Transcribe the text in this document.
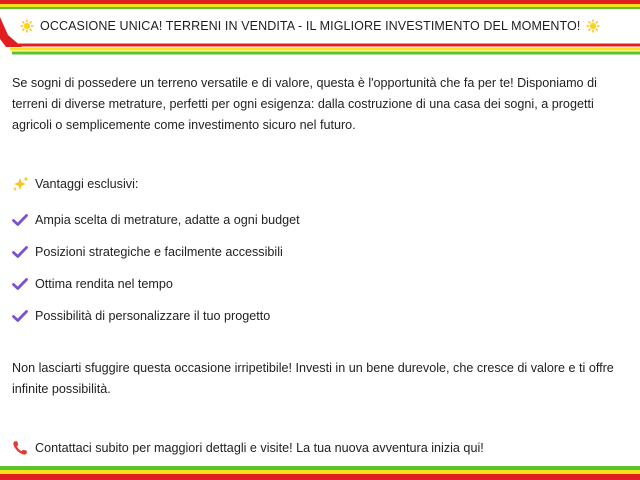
OCCASIONE UNICA! TERRENI IN VENDITA - IL MIGLIORE INVESTIMENTO DEL MOMENTO!

Se sogni di possedere un terreno versatile e di valore, questa è l'opportunità che fa per te! Disponiamo di terreni di diverse metrature, perfetti per ogni esigenza: dalla costruzione di una casa dei sogni, a progetti agricoli o semplicemente come investimento sicuro nel futuro.

Vantaggi esclusivi:
Ampia scelta di metrature, adatte a ogni budget
Posizioni strategiche e facilmente accessibili
Ottima rendita nel tempo
Possibilità di personalizzare il tuo progetto

Non lasciarti sfuggire questa occasione irripetibile! Investi in un bene durevole, che cresce di valore e ti offre infinite possibilità.

Contattaci subito per maggiori dettagli e visite! La tua nuova avventura inizia qui!
